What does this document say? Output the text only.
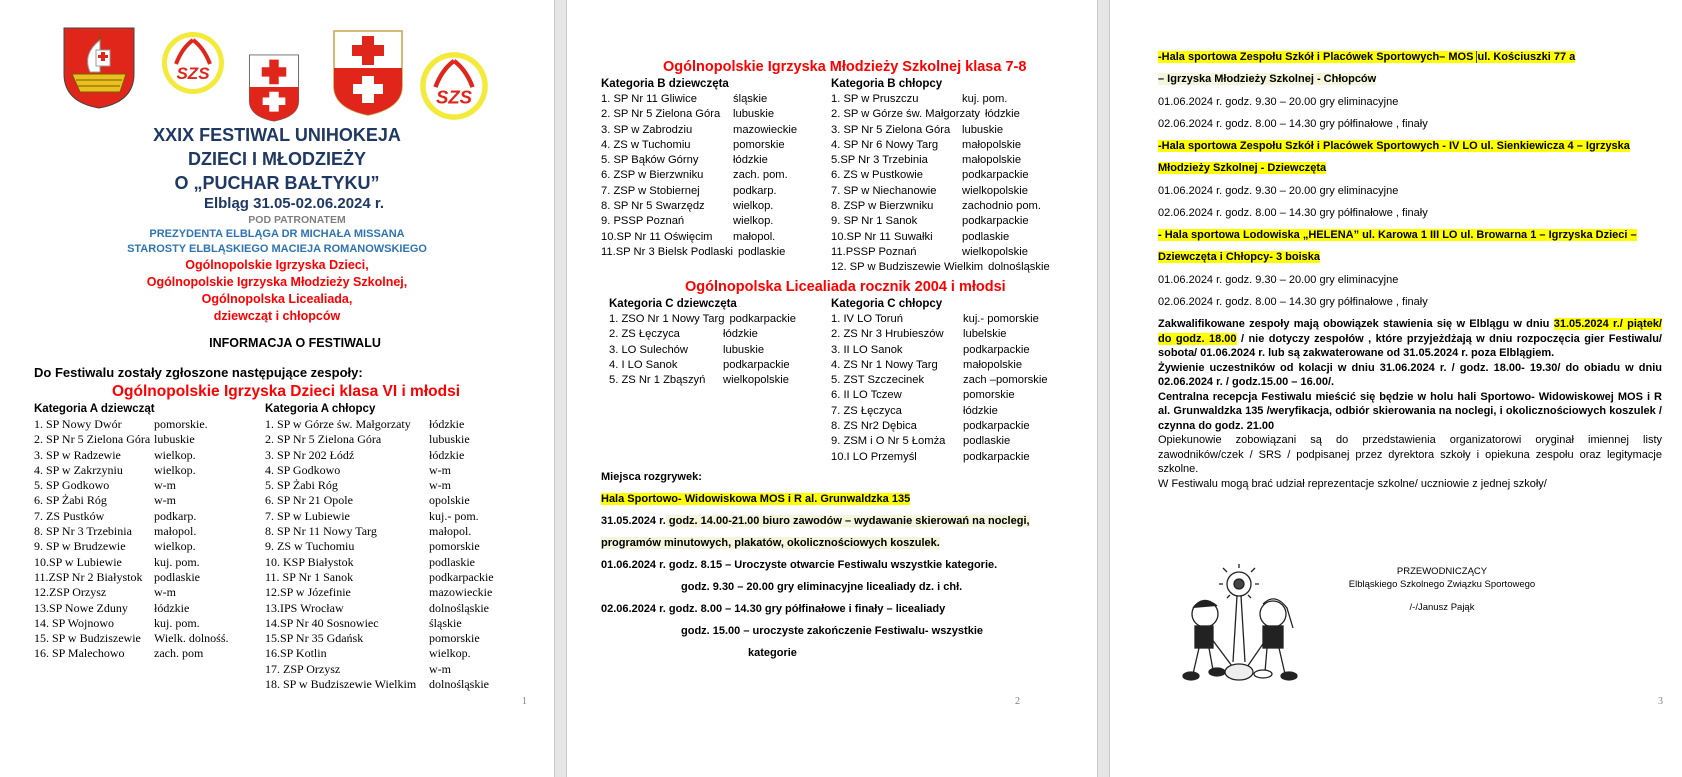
SZS
SZS
XXIX FESTIWAL UNIHOKEJA
DZIECI I MŁODZIEŻY
O „PUCHAR BAŁTYKU”
Elbląg 31.05-02.06.2024 r.
POD PATRONATEM
PREZYDENTA ELBLĄGA DR MICHAŁA MISSANA
STAROSTY ELBLĄSKIEGO MACIEJA ROMANOWSKIEGO
Ogólnopolskie Igrzyska Dzieci,
Ogólnopolskie Igrzyska Młodzieży Szkolnej,
Ogólnopolska Licealiada,
dziewcząt i chłopców
INFORMACJA O FESTIWALU
Do Festiwalu zostały zgłoszone następujące zespoły:
Ogólnopolskie Igrzyska Dzieci klasa VI i młodsi
Kategoria A dziewcząt
1. SP Nowy Dwór	pomorskie.
2. SP Nr 5 Zielona Góra lubuskie
3. SP w Radzewie	wielkop.
4. SP w Zakrzyniu	wielkop.
5. SP Godkowo	w-m
6. SP Żabi Róg	w-m
7. ZS Pustków	podkarp.
8. SP Nr 3 Trzebinia małopol.
9. SP w Brudzewie wielkop.
10.SP w Lubiewie	kuj. pom.
11.ZSP Nr 2 Białystok podlaskie
12.ZSP Orzysz	w-m
13.SP Nowe Zduny łódzkie
14. SP Wojnowo	kuj. pom.
15. SP w Budziszewie Wielk. dolnośś.
16. SP Malechowo zach. pom
Kategoria A chłopcy
1. SP w Górze św. Małgorzaty łódzkie
2. SP Nr 5 Zielona Góra	lubuskie
3. SP Nr 202 Łódź	łódzkie
4. SP Godkowo	w-m
5. SP Żabi Róg	w-m
6. SP Nr 21 Opole	opolskie
7. SP w Lubiewie	kuj.- pom.
8. SP Nr 11 Nowy Targ	małopol.
9. ZS w Tuchomiu	pomorskie
10. KSP Białystok	podlaskie
11. SP Nr 1 Sanok	podkarpackie
12.SP w Józefinie	mazowieckie
13.IPS Wrocław	dolnośląskie
14.SP Nr 40 Sosnowiec	śląskie
15.SP Nr 35 Gdańsk	pomorskie
16.SP Kotlin	wielkop.
17. ZSP Orzysz	w-m
18. SP w Budziszewie Wielkim dolnośląskie
1
Ogólnopolskie Igrzyska Młodzieży Szkolnej klasa 7-8
Kategoria B dziewczęta
1. SP Nr 11 Gliwice	śląskie
2. SP Nr 5 Zielona Góra lubuskie
3. SP w Zabrodziu	mazowieckie
4. ZS w Tuchomiu	pomorskie
5. SP Bąków Górny	łódzkie
6. ZSP w Bierzwniku	zach. pom.
7. ZSP w Stobiernej	podkarp.
8. SP Nr 5 Swarzędz	wielkop.
9. PSSP Poznań	wielkop.
10.SP Nr 11 Oświęcim małopol.
11.SP Nr 3 Bielsk Podlaski podlaskie
Kategoria B chłopcy
1. SP w Pruszczu	kuj. pom.
2. SP w Górze św. Małgorzaty łódzkie
3. SP Nr 5 Zielona Góra lubuskie
4. SP Nr 6 Nowy Targ małopolskie
5.SP Nr 3 Trzebinia	małopolskie
6. ZS w Pustkowie	podkarpackie
7. SP w Niechanowie wielkopolskie
8. ZSP w Bierzwniku	zachodnio pom.
9. SP Nr 1 Sanok	podkarpackie
10.SP Nr 11 Suwałki	podlaskie
11.PSSP Poznań	wielkopolskie
12. SP w Budziszewie Wielkim dolnośląskie
Ogólnopolska Licealiada rocznik 2004 i młodsi
Kategoria C dziewczęta
1. ZSO Nr 1 Nowy Targ podkarpackie
2. ZS Łęczyca	łódzkie
3. LO Sulechów	lubuskie
4. I LO Sanok	podkarpackie
5. ZS Nr 1 Zbąszyń wielkopolskie
Kategoria C chłopcy
1. IV LO Toruń	kuj.- pomorskie
2. ZS Nr 3 Hrubieszów lubelskie
3. II LO Sanok	podkarpackie
4. ZS Nr 1 Nowy Targ małopolskie
5. ZST Szczecinek	zach –pomorskie
6. II LO Tczew	pomorskie
7. ZS Łęczyca	łódzkie
8. ZS Nr2 Dębica	podkarpackie
9. ZSM i O Nr 5 Łomża podlaskie
10.I LO Przemyśl	podkarpackie
Miejsca rozgrywek:
Hala Sportowo- Widowiskowa MOS i R al. Grunwaldzka 135
31.05.2024 r. godz. 14.00-21.00 biuro zawodów – wydawanie skierowań na noclegi,
programów minutowych, plakatów, okolicznościowych koszulek.
01.06.2024 r. godz. 8.15 – Uroczyste otwarcie Festiwalu wszystkie kategorie.
godz. 9.30 – 20.00 gry eliminacyjne licealiady dz. i chł.
02.06.2024 r. godz. 8.00 – 14.30 gry półfinałowe i finały – licealiady
godz. 15.00 – uroczyste zakończenie Festiwalu- wszystkie
kategorie
2
-Hala sportowa Zespołu Szkół i Placówek Sportowych– MOS ul. Kościuszki 77 a
– Igrzyska Młodzieży Szkolnej - Chłopców
01.06.2024 r. godz. 9.30 – 20.00 gry eliminacyjne
02.06.2024 r. godz. 8.00 – 14.30 gry półfinałowe , finały
-Hala sportowa Zespołu Szkół i Placówek Sportowych - IV LO ul. Sienkiewicza 4 – Igrzyska
Młodzieży Szkolnej - Dziewczęta
01.06.2024 r. godz. 9.30 – 20.00 gry eliminacyjne
02.06.2024 r. godz. 8.00 – 14.30 gry półfinałowe , finały
- Hala sportowa Lodowiska „HELENA” ul. Karowa 1 III LO ul. Browarna 1 – Igrzyska Dzieci –
Dziewczęta i Chłopcy- 3 boiska
01.06.2024 r. godz. 9.30 – 20.00 gry eliminacyjne
02.06.2024 r. godz. 8.00 – 14.30 gry półfinałowe , finały
Zakwalifikowane zespoły mają obowiązek stawienia się w Elblągu w dniu 31.05.2024 r./ piątek/ do godz. 18.00 / nie dotyczy zespołów , które przyjeżdżają w dniu rozpoczęcia gier Festiwalu/ sobota/ 01.06.2024 r. lub są zakwaterowane od 31.05.2024 r. poza Elblągiem.
Żywienie uczestników od kolacji w dniu 31.06.2024 r. / godz. 18.00- 19.30/ do obiadu w dniu 02.06.2024 r. / godz.15.00 – 16.00/.
Centralna recepcja Festiwalu mieścić się będzie w holu hali Sportowo- Widowiskowej MOS i R al. Grunwaldzka 135 /weryfikacja, odbiór skierowania na noclegi, i okolicznościowych koszulek / czynna do godz. 21.00
Opiekunowie zobowiązani są do przedstawienia organizatorowi oryginał imiennej listy zawodników/czek / SRS / podpisanej przez dyrektora szkoły i opiekuna zespołu oraz legitymacje szkolne.
W Festiwalu mogą brać udział reprezentacje szkolne/ uczniowie z jednej szkoły/
PRZEWODNICZĄCY
Elbląskiego Szkolnego Związku Sportowego
/-/Janusz Pająk
3
